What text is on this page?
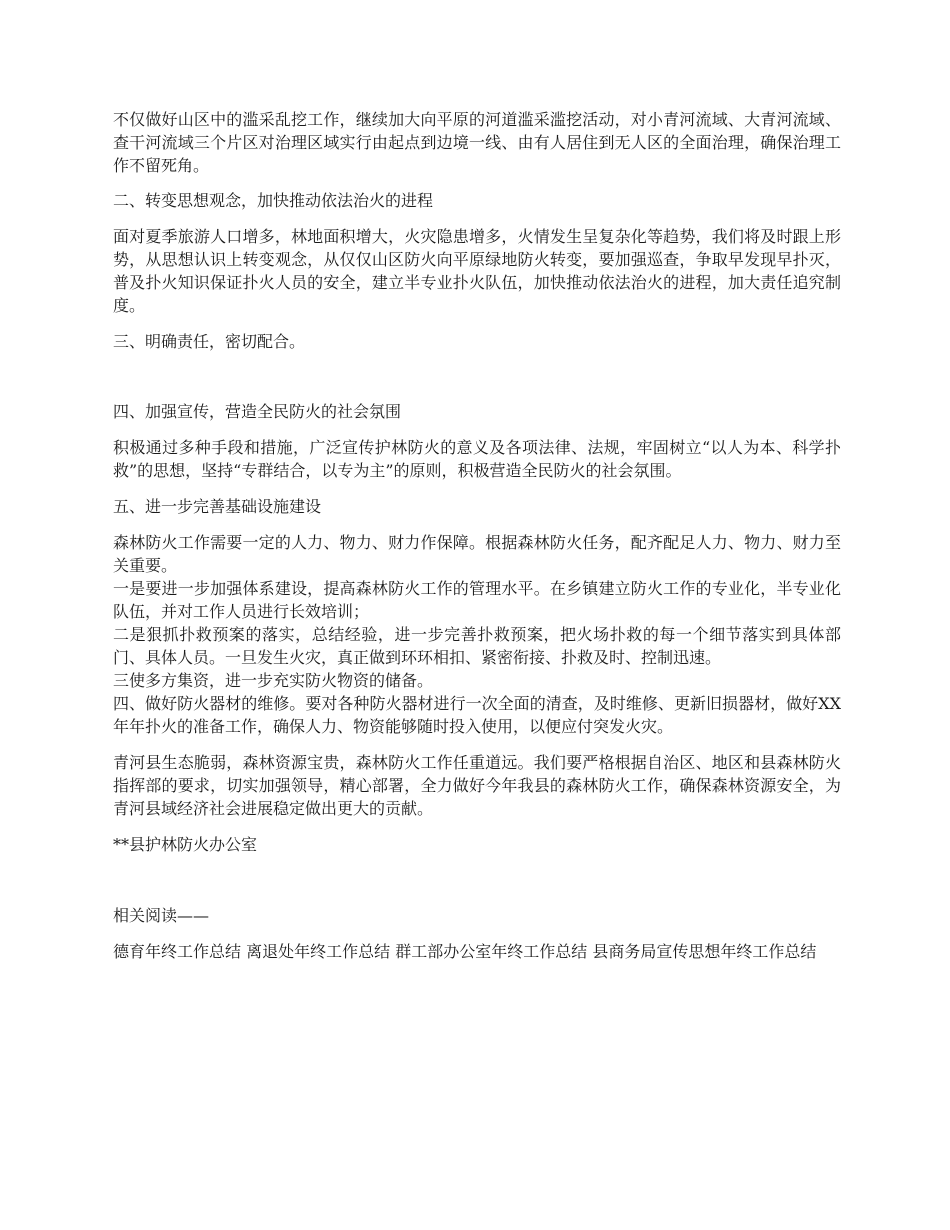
不仅做好山区中的滥采乱挖工作，继续加大向平原的河道滥采滥挖活动，对小青河流域、大青河流域、查干河流域三个片区对治理区域实行由起点到边境一线、由有人居住到无人区的全面治理，确保治理工作不留死角。

二、转变思想观念，加快推动依法治火的进程

面对夏季旅游人口增多，林地面积增大，火灾隐患增多，火情发生呈复杂化等趋势，我们将及时跟上形势，从思想认识上转变观念，从仅仅山区防火向平原绿地防火转变，要加强巡查，争取早发现早扑灭，普及扑火知识保证扑火人员的安全，建立半专业扑火队伍，加快推动依法治火的进程，加大责任追究制度。

三、明确责任，密切配合。

四、加强宣传，营造全民防火的社会氛围

积极通过多种手段和措施，广泛宣传护林防火的意义及各项法律、法规，牢固树立“以人为本、科学扑救”的思想，坚持“专群结合，以专为主”的原则，积极营造全民防火的社会氛围。

五、进一步完善基础设施建设

森林防火工作需要一定的人力、物力、财力作保障。根据森林防火任务，配齐配足人力、物力、财力至关重要。

一是要进一步加强体系建设，提高森林防火工作的管理水平。在乡镇建立防火工作的专业化，半专业化队伍，并对工作人员进行长效培训；

二是狠抓扑救预案的落实，总结经验，进一步完善扑救预案，把火场扑救的每一个细节落实到具体部门、具体人员。一旦发生火灾，真正做到环环相扣、紧密衔接、扑救及时、控制迅速。

三使多方集资，进一步充实防火物资的储备。

四、做好防火器材的维修。要对各种防火器材进行一次全面的清查，及时维修、更新旧损器材，做好XX年年扑火的准备工作，确保人力、物资能够随时投入使用，以便应付突发火灾。

青河县生态脆弱，森林资源宝贵，森林防火工作任重道远。我们要严格根据自治区、地区和县森林防火指挥部的要求，切实加强领导，精心部署，全力做好今年我县的森林防火工作，确保森林资源安全，为青河县域经济社会进展稳定做出更大的贡献。

**县护林防火办公室

相关阅读——

德育年终工作总结 离退处年终工作总结 群工部办公室年终工作总结 县商务局宣传思想年终工作总结
